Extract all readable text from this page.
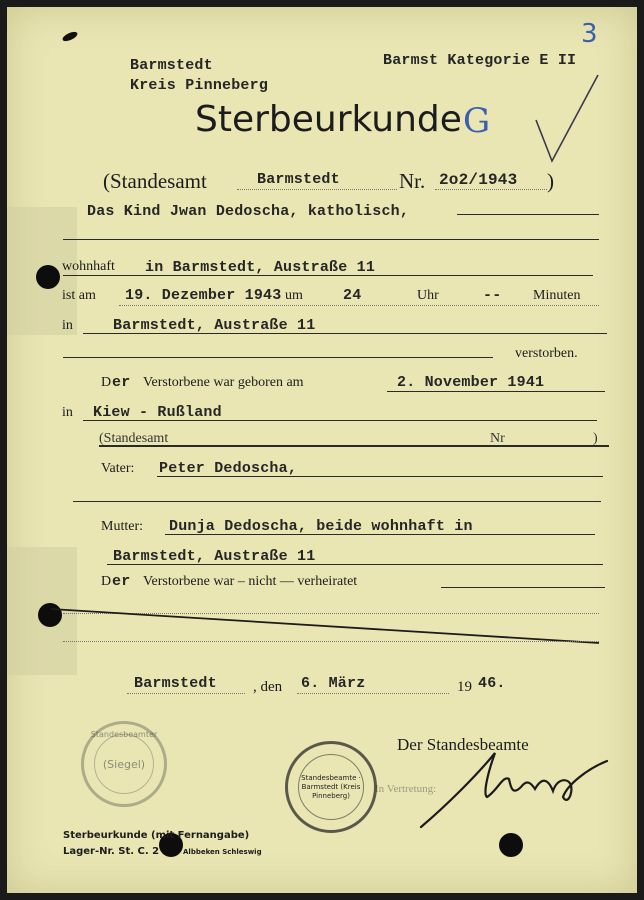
Barmstedt
Kreis Pinneberg
Barmst Kategorie E II
3
Sterbeurkunde G
(Standesamt	Barmstedt	Nr. 2o2/1943 )
Das Kind Jwan Dedoscha, katholisch,
wohnhaft in Barmstedt, Austraße 11
ist am 19. Dezember 1943 um	24	Uhr	-- Minuten
in	Barmstedt, Austraße 11
verstorben.
D er Verstorbene war geboren am	2. November 1941
in Kiew - Rußland
(Standesamt	Nr	)
Vater: Peter Dedoscha,
Mutter: Dunja Dedoscha, beide wohnhaft in
Barmstedt, Austraße 11
D er Verstorbene war – nicht — verheiratet
Barmstedt , den 6. März	19 46.
Der Standesbeamte
In Vertretung:
(Siegel)
Standesbeamter
Standesbeamte · Barmstedt (Kreis Pinneberg)
Sterbeurkunde (mit Fernangabe)
Lager-Nr. St. C. 2	Albbeken Schleswig
